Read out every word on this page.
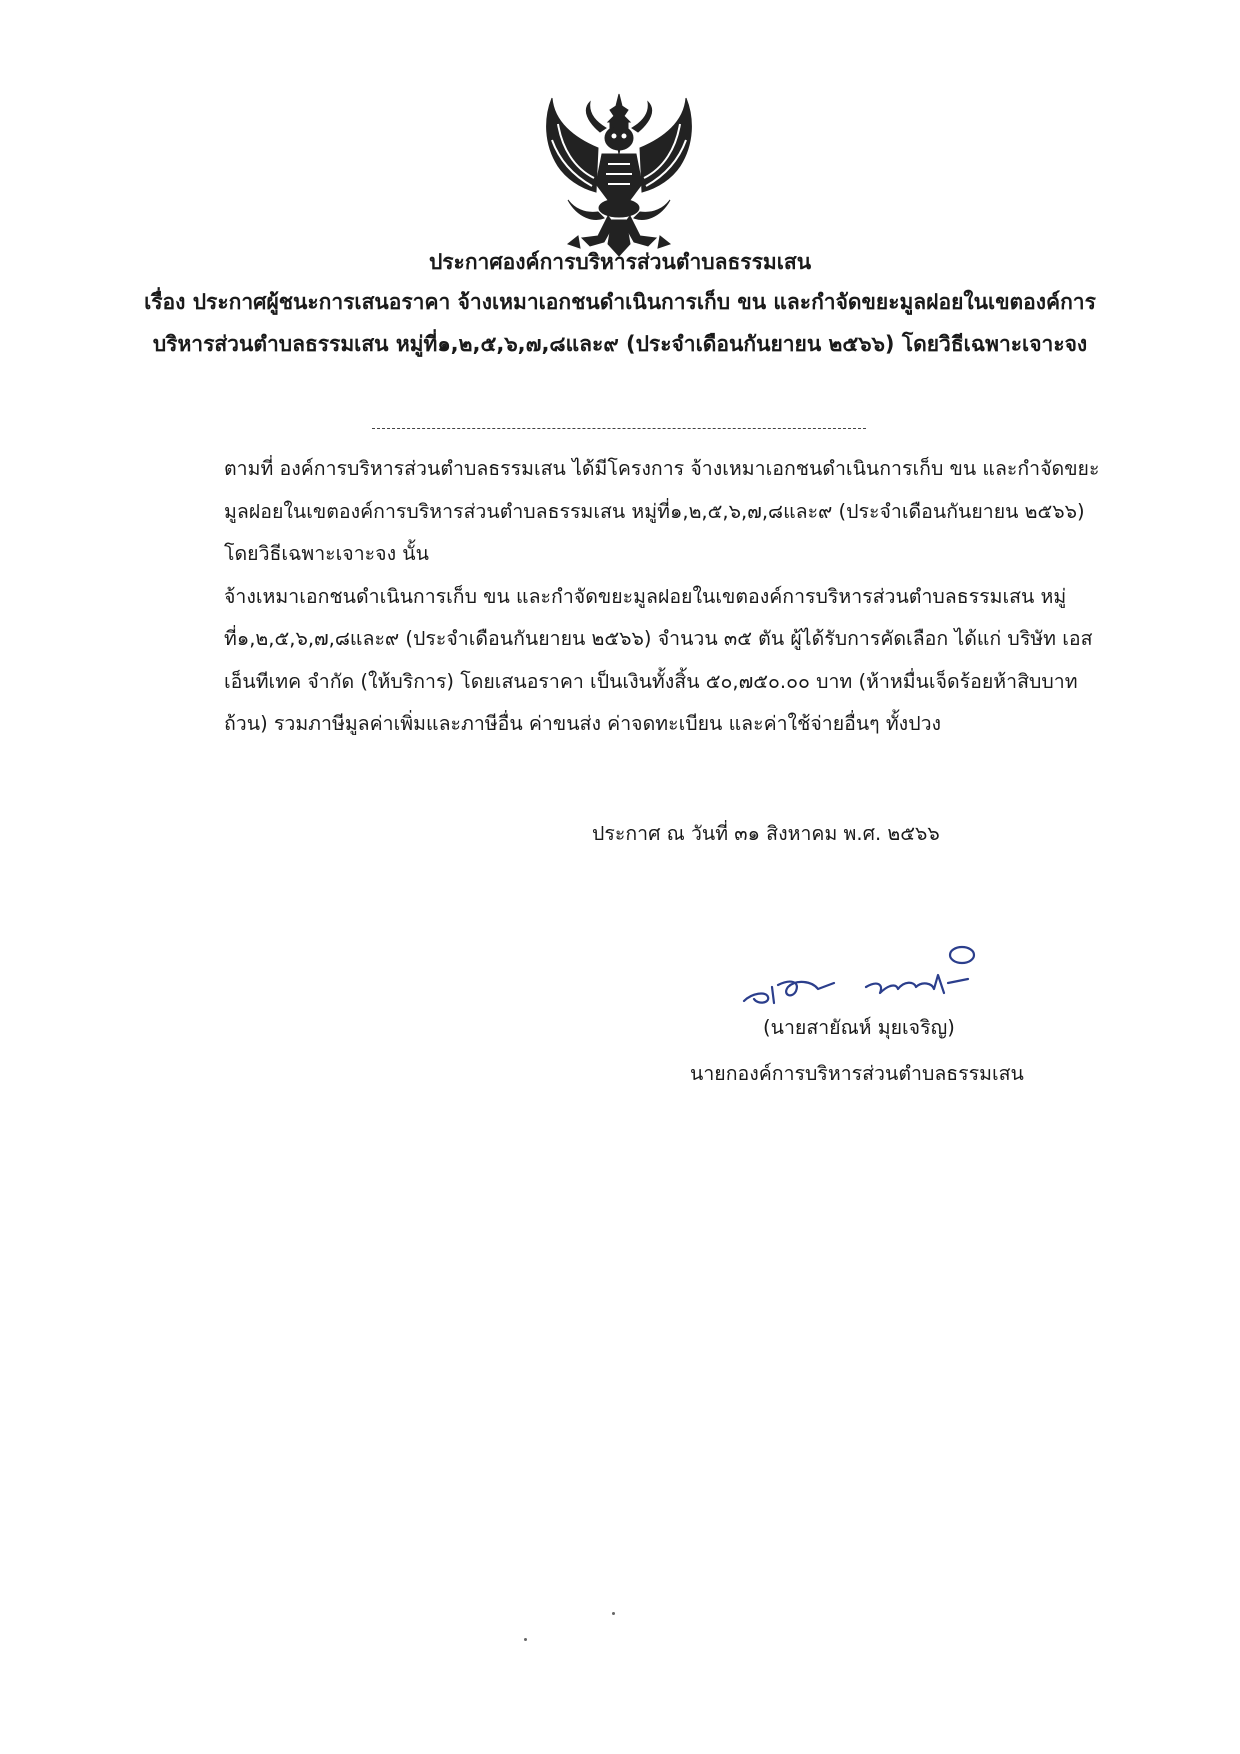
ประกาศองค์การบริหารส่วนตำบลธรรมเสน
เรื่อง ประกาศผู้ชนะการเสนอราคา จ้างเหมาเอกชนดำเนินการเก็บ ขน และกำจัดขยะมูลฝอยในเขตองค์การ
บริหารส่วนตำบลธรรมเสน หมู่ที่๑,๒,๕,๖,๗,๘และ๙ (ประจำเดือนกันยายน ๒๕๖๖) โดยวิธีเฉพาะเจาะจง

ตามที่ องค์การบริหารส่วนตำบลธรรมเสน ได้มีโครงการ จ้างเหมาเอกชนดำเนินการเก็บ ขน และกำจัดขยะมูลฝอยในเขตองค์การบริหารส่วนตำบลธรรมเสน หมู่ที่๑,๒,๕,๖,๗,๘และ๙ (ประจำเดือนกันยายน ๒๕๖๖) โดยวิธีเฉพาะเจาะจง นั้น

จ้างเหมาเอกชนดำเนินการเก็บ ขน และกำจัดขยะมูลฝอยในเขตองค์การบริหารส่วนตำบลธรรมเสน หมู่ที่๑,๒,๕,๖,๗,๘และ๙ (ประจำเดือนกันยายน ๒๕๖๖) จำนวน ๓๕ ตัน ผู้ได้รับการคัดเลือก ได้แก่ บริษัท เอสเอ็นทีเทค จำกัด (ให้บริการ) โดยเสนอราคา เป็นเงินทั้งสิ้น ๕๐,๗๕๐.๐๐ บาท (ห้าหมื่นเจ็ดร้อยห้าสิบบาทถ้วน) รวมภาษีมูลค่าเพิ่มและภาษีอื่น ค่าขนส่ง ค่าจดทะเบียน และค่าใช้จ่ายอื่นๆ ทั้งปวง

ประกาศ ณ วันที่ ๓๑ สิงหาคม พ.ศ. ๒๕๖๖
(นายสายัณห์ มุยเจริญ)
นายกองค์การบริหารส่วนตำบลธรรมเสน
